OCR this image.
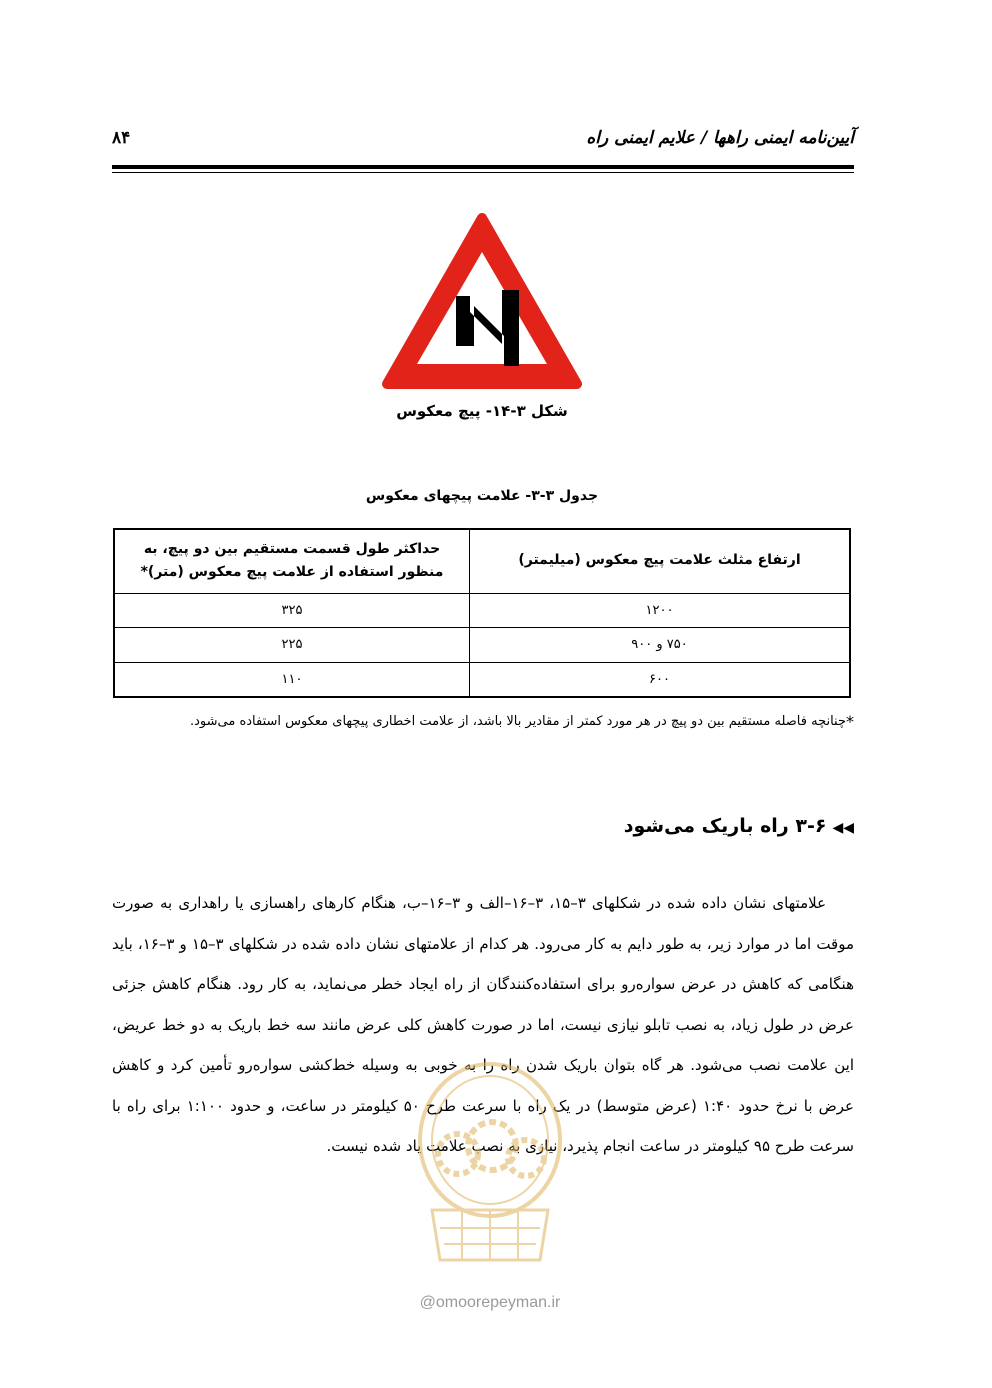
آیین‌نامه ایمنی راهها / علایم ایمنی راه
۸۴
شکل ۳-۱۴- پیچ معکوس
جدول ۳-۳- علامت پیچهای معکوس
ارتفاع مثلث علامت پیچ معکوس (میلیمتر)	حداکثر طول قسمت مستقیم بین دو پیچ، به منظور استفاده از علامت پیچ معکوس (متر)*
۱۲۰۰	۳۲۵
۷۵۰ و ۹۰۰	۲۲۵
۶۰۰	۱۱۰
*چنانچه فاصله مستقیم بین دو پیچ در هر مورد کمتر از مقادیر بالا باشد، از علامت اخطاری پیچهای معکوس استفاده می‌شود.
◀◀۳-۶ راه باریک می‌شود

علامتهای نشان داده شده در شکلهای ۳–۱۵، ۳–۱۶–الف و ۳–۱۶–ب، هنگام کارهای راهسازی یا راهداری به صورت موقت اما در موارد زیر، به طور دایم به کار می‌رود. هر کدام از علامتهای نشان داده شده در شکلهای ۳–۱۵ و ۳–۱۶، باید هنگامی که کاهش در عرض سواره‌رو برای استفاده‌کنندگان از راه ایجاد خطر می‌نماید، به کار رود. هنگام کاهش جزئی عرض در طول زیاد، به نصب تابلو نیازی نیست، اما در صورت کاهش کلی عرض مانند سه خط باریک به دو خط عریض، این علامت نصب می‌شود. هر گاه بتوان باریک شدن راه را به خوبی به وسیله خط‌کشی سواره‌رو تأمین کرد و کاهش عرض با نرخ حدود ۱:۴۰ (عرض متوسط) در یک راه با سرعت طرح ۵۰ کیلومتر در ساعت، و حدود ۱:۱۰۰ برای راه با سرعت طرح ۹۵ کیلومتر در ساعت انجام پذیرد، نیازی به نصب علامت یاد شده نیست.

@omoorepeyman.ir
